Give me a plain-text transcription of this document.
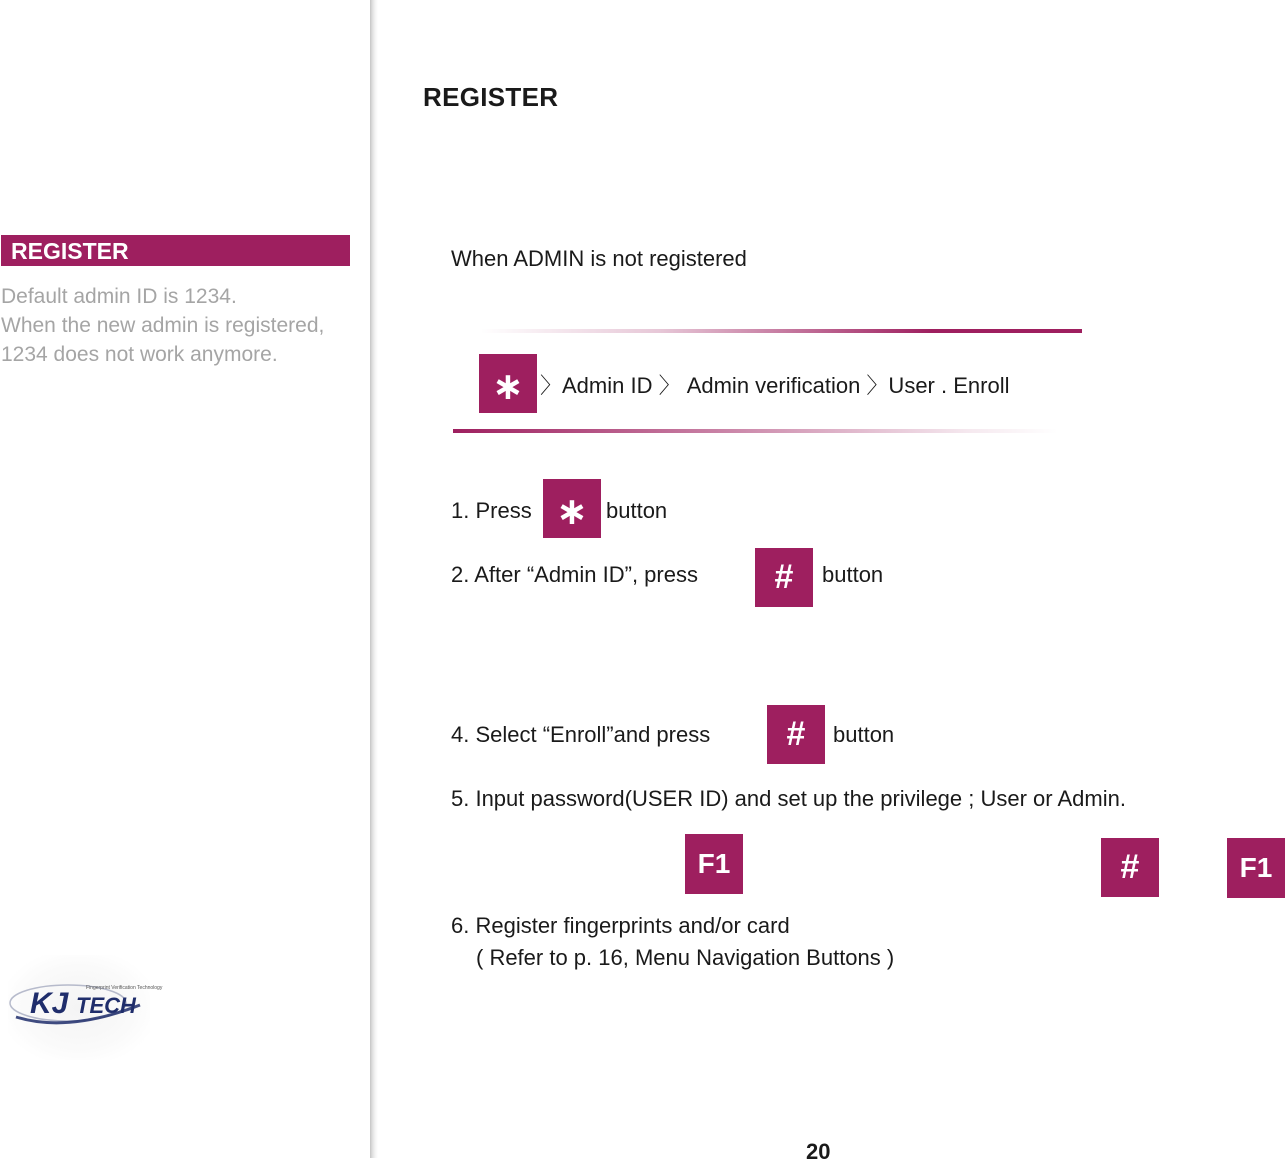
REGISTER
Default admin ID is 1234.
When the new admin is registered,
1234 does not work anymore.
KJ TECH
Fingerprint Verification Technology
REGISTER
When ADMIN is not registered
∗ 〉Admin ID 〉 Admin verification 〉User . Enroll
1. Press ∗ button
2. After “Admin ID”, press	#	button
4. Select “Enroll”and press	#	button
5. Input password(USER ID) and set up the privilege ; User or Admin.
F1	#	F1
6. Register fingerprints and/or card
( Refer to p. 16, Menu Navigation Buttons )
20
